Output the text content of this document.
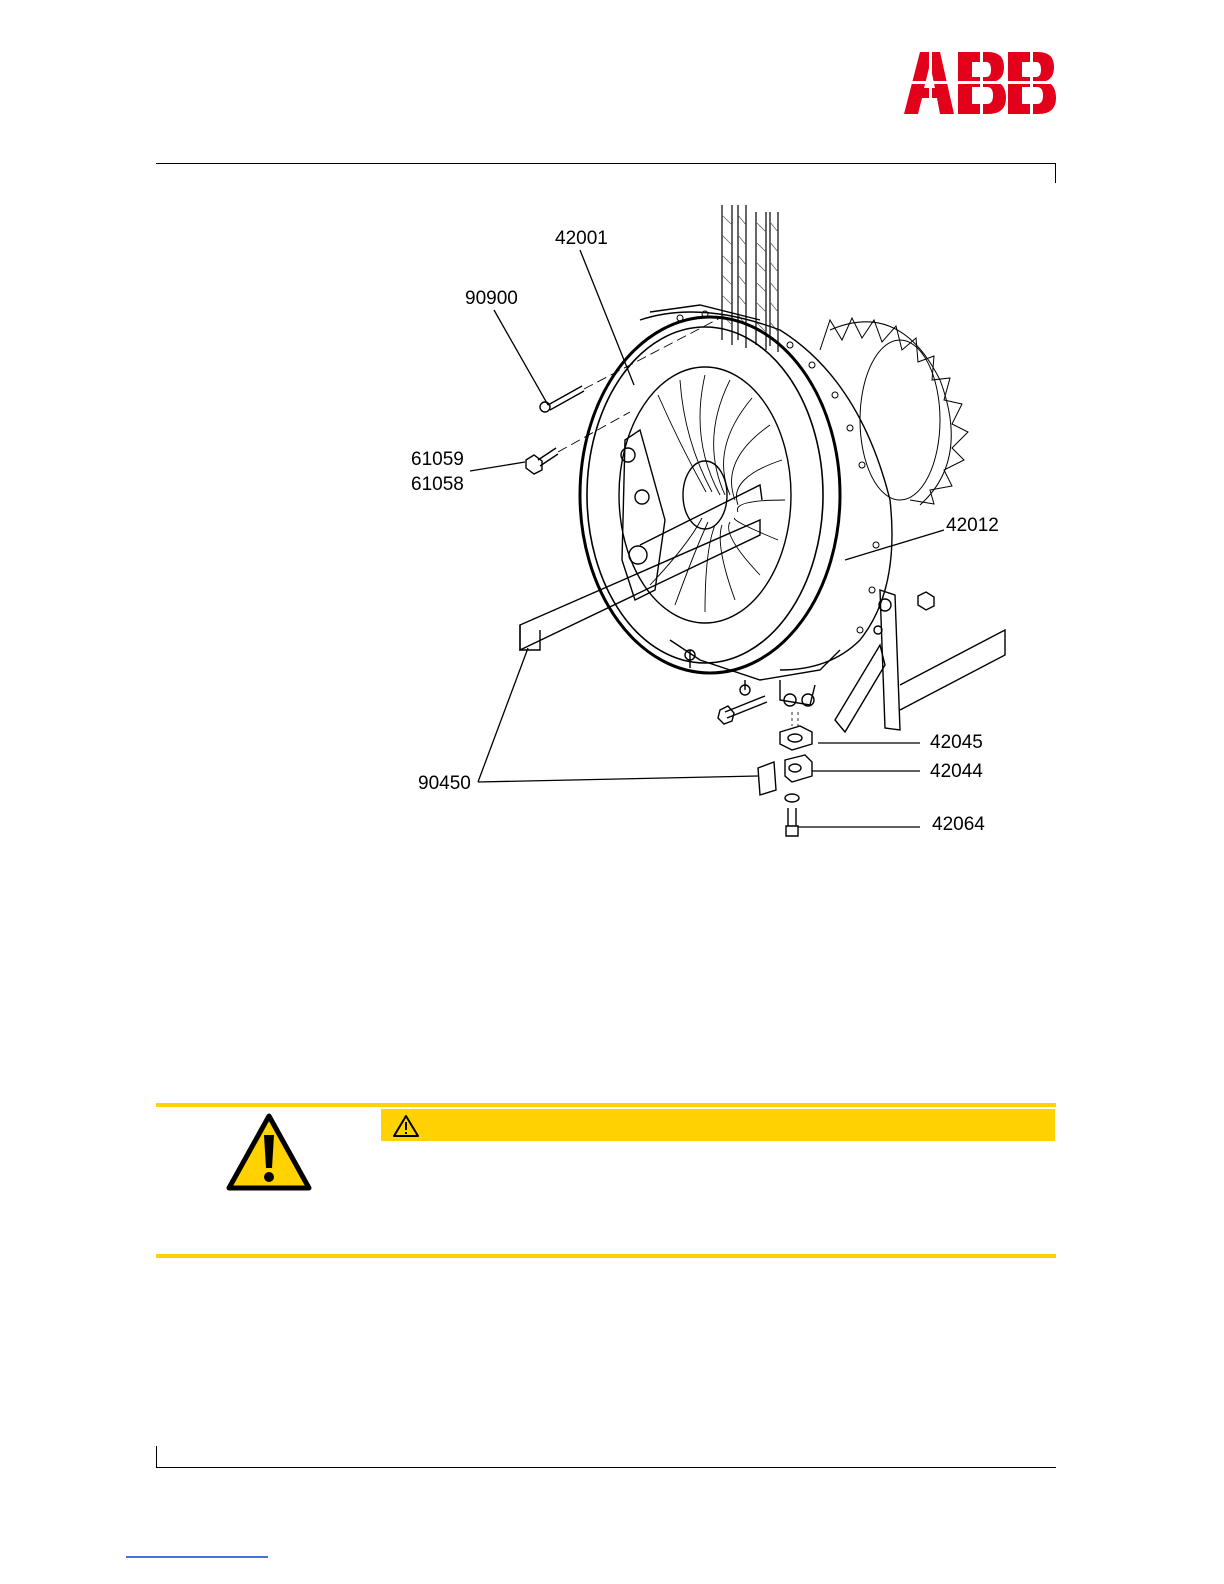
42001
90900
61059
61058
42012
42045
42044
90450
42064
